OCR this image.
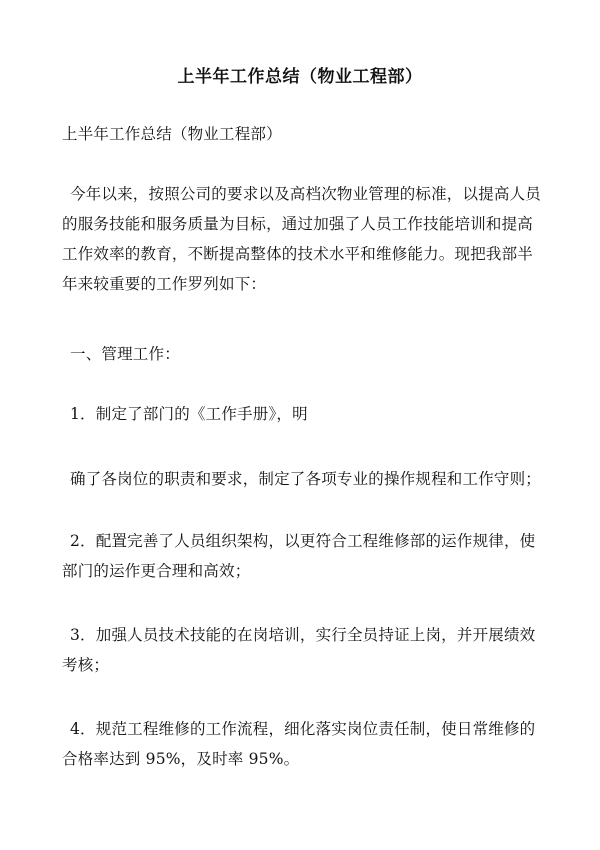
上半年工作总结（物业工程部）

上半年工作总结（物业工程部）

今年以来，按照公司的要求以及高档次物业管理的标准，以提高人员的服务技能和服务质量为目标，通过加强了人员工作技能培训和提高工作效率的教育，不断提高整体的技术水平和维修能力。现把我部半年来较重要的工作罗列如下：

一、管理工作：

1．制定了部门的《工作手册》，明

确了各岗位的职责和要求，制定了各项专业的操作规程和工作守则；

2．配置完善了人员组织架构，以更符合工程维修部的运作规律，使部门的运作更合理和高效；

3．加强人员技术技能的在岗培训，实行全员持证上岗，并开展绩效考核；

4．规范工程维修的工作流程，细化落实岗位责任制，使日常维修的合格率达到 95%，及时率 95%。
